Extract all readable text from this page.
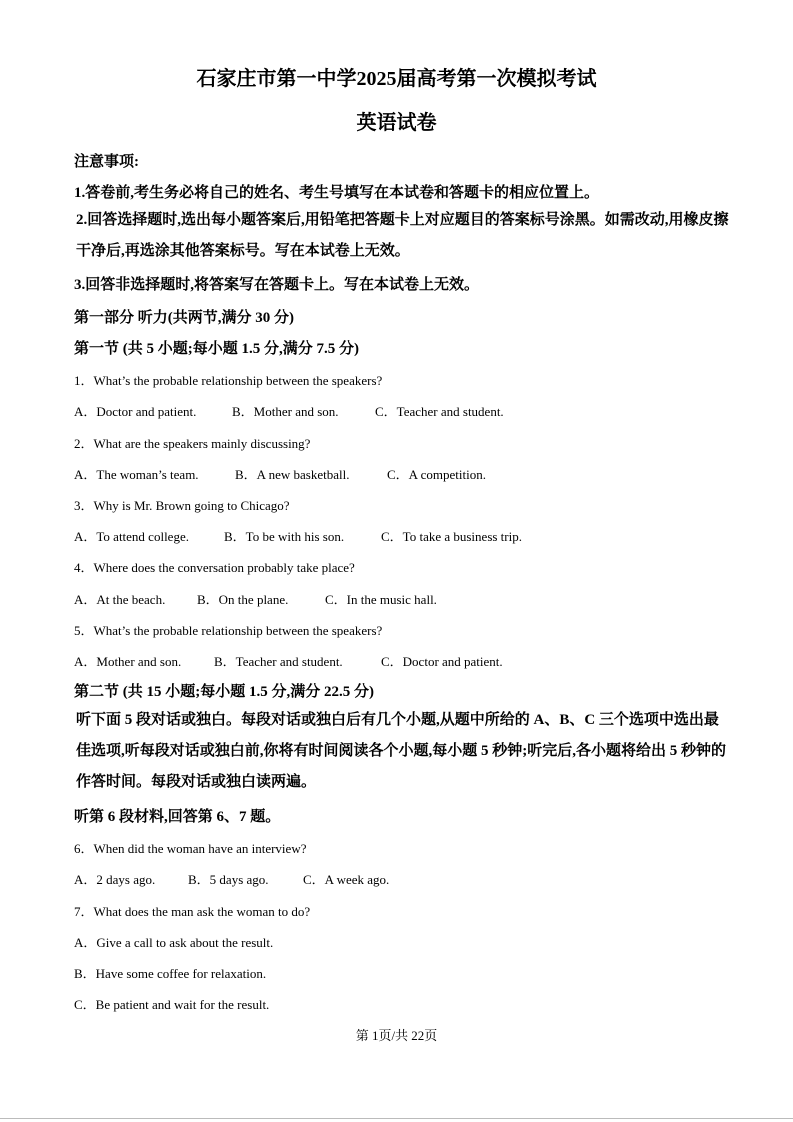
石家庄市第一中学2025届高考第一次模拟考试
英语试卷

注意事项:

1.答卷前,考生务必将自己的姓名、考生号填写在本试卷和答题卡的相应位置上。

2.回答选择题时,选出每小题答案后,用铅笔把答题卡上对应题目的答案标号涂黑。如需改动,用橡皮擦干净后,再选涂其他答案标号。写在本试卷上无效。

3.回答非选择题时,将答案写在答题卡上。写在本试卷上无效。

第一部分 听力(共两节,满分 30 分)

第一节 (共 5 小题;每小题 1.5 分,满分 7.5 分)

1．What’s the probable relationship between the speakers?

A．Doctor and patient.	B．Mother and son.	C．Teacher and student.

2．What are the speakers mainly discussing?

A．The woman’s team.	B．A new basketball.	C．A competition.

3．Why is Mr. Brown going to Chicago?

A．To attend college.	B．To be with his son.	C．To take a business trip.

4．Where does the conversation probably take place?

A．At the beach. B．On the plane.	C．In the music hall.

5．What’s the probable relationship between the speakers?

A．Mother and son.	B．Teacher and student.	C．Doctor and patient.

第二节 (共 15 小题;每小题 1.5 分,满分 22.5 分)

听下面 5 段对话或独白。每段对话或独白后有几个小题,从题中所给的 A、B、C 三个选项中选出最佳选项,听每段对话或独白前,你将有时间阅读各个小题,每小题 5 秒钟;听完后,各小题将给出 5 秒钟的作答时间。每段对话或独白读两遍。

听第 6 段材料,回答第 6、7 题。

6．When did the woman have an interview?

A．2 days ago.	B．5 days ago.	C．A week ago.

7．What does the man ask the woman to do?

A．Give a call to ask about the result.

B．Have some coffee for relaxation.

C．Be patient and wait for the result.

第 1页/共 22页
